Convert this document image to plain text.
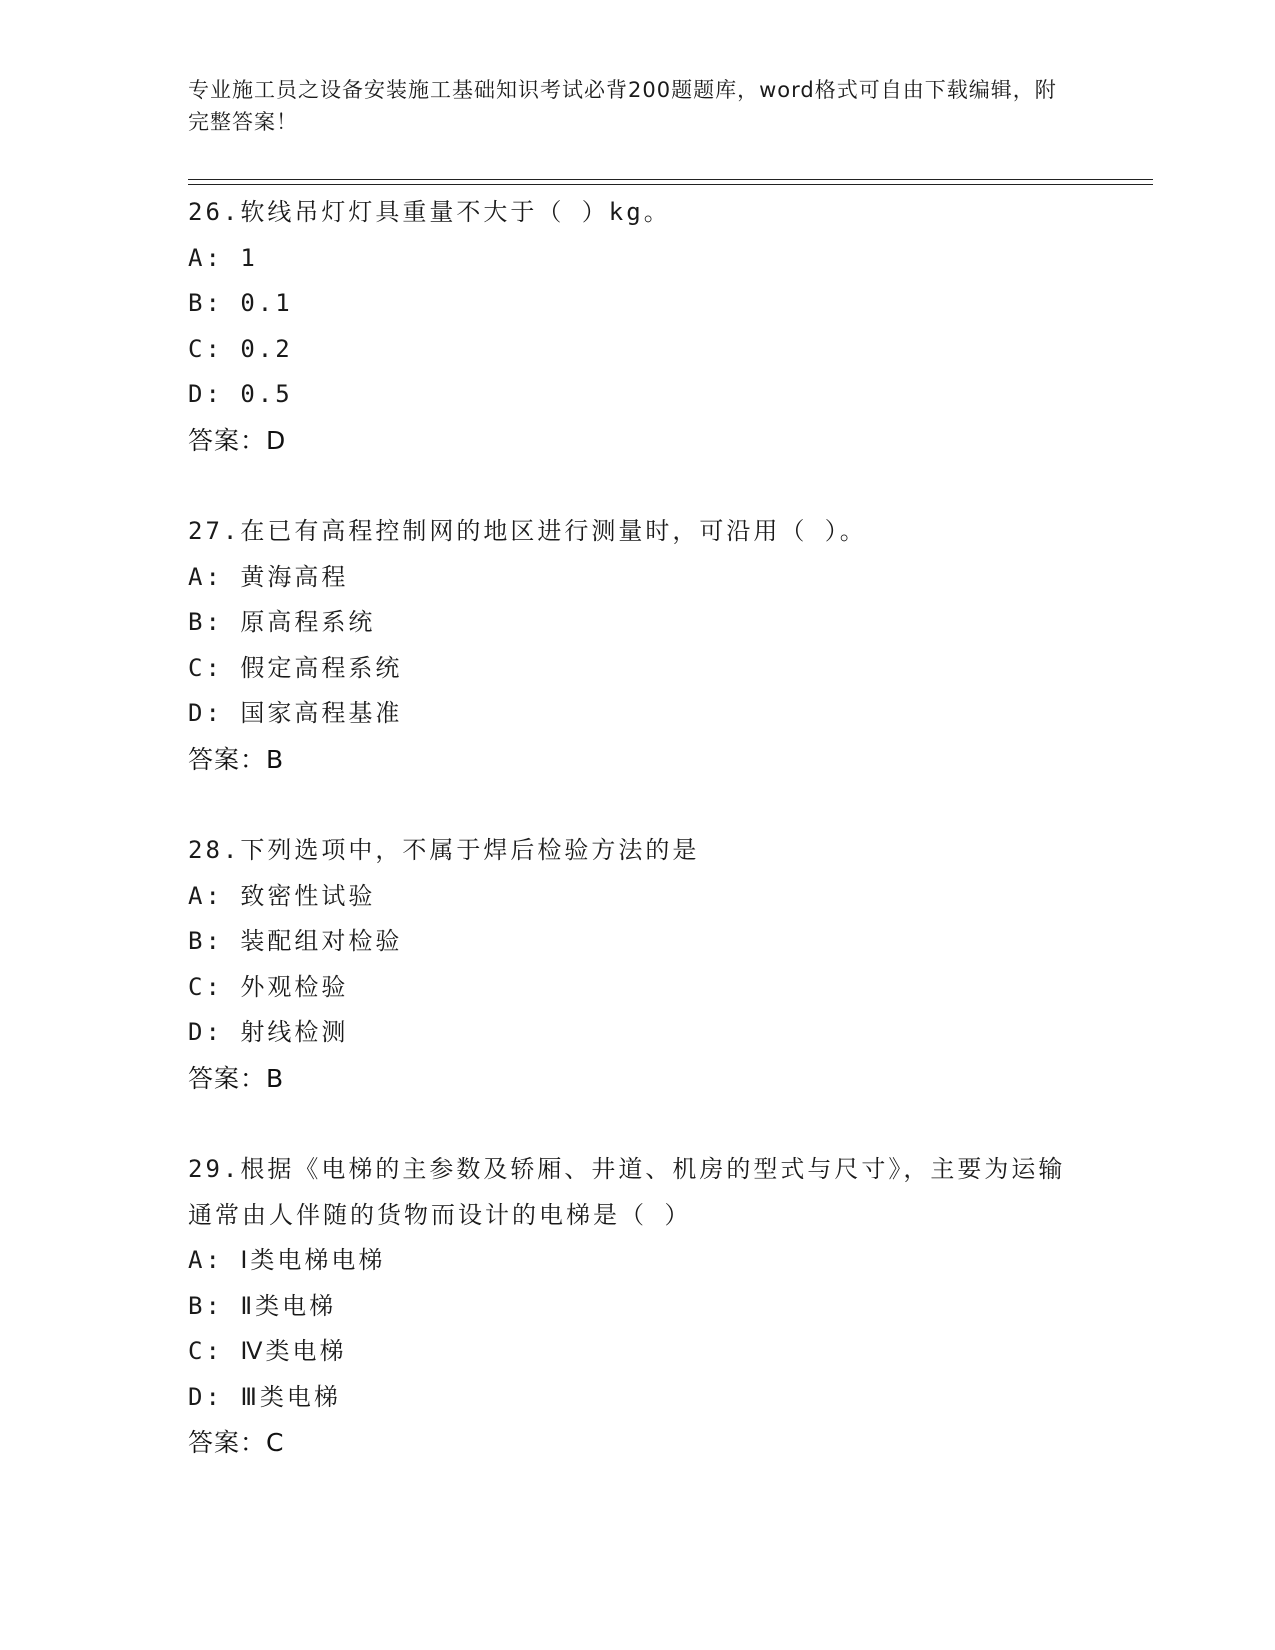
专业施工员之设备安装施工基础知识考试必背200题题库，word格式可自由下载编辑，附完整答案！
26.软线吊灯灯具重量不大于（ ）kg。
A: 1
B: 0.1
C: 0.2
D: 0.5
答案：D
27.在已有高程控制网的地区进行测量时，可沿用（ ）。
A: 黄海高程
B: 原高程系统
C: 假定高程系统
D: 国家高程基准
答案：B
28.下列选项中，不属于焊后检验方法的是
A: 致密性试验
B: 装配组对检验
C: 外观检验
D: 射线检测
答案：B
29.根据《电梯的主参数及轿厢、井道、机房的型式与尺寸》，主要为运输通常由人伴随的货物而设计的电梯是（ ）
A: Ⅰ类电梯电梯
B: Ⅱ类电梯
C: Ⅳ类电梯
D: Ⅲ类电梯
答案：C
